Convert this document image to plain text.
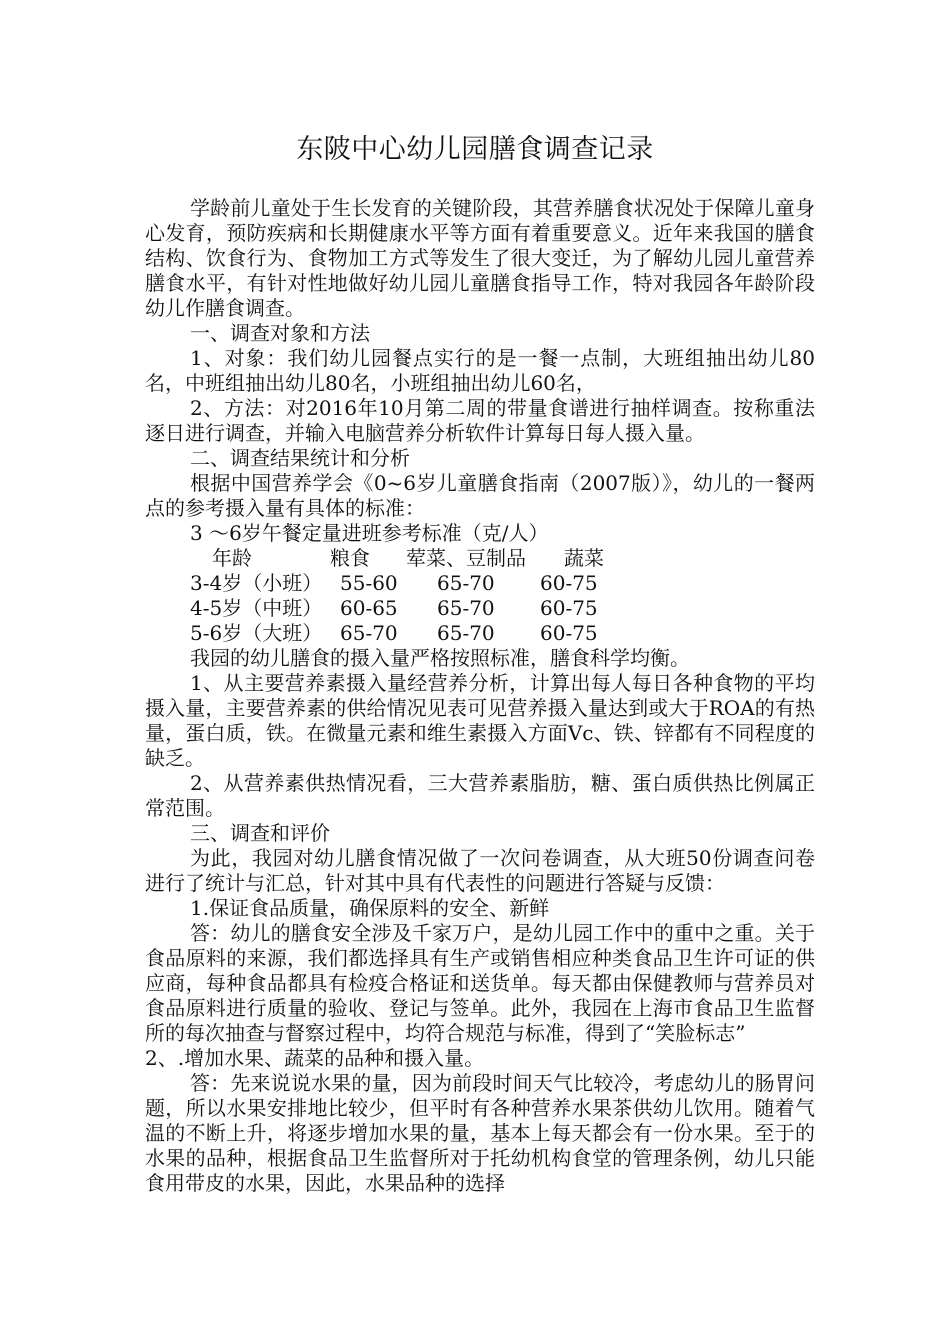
东陂中心幼儿园膳食调查记录

学龄前儿童处于生长发育的关键阶段，其营养膳食状况处于保障儿童身心发育，预防疾病和长期健康水平等方面有着重要意义。近年来我国的膳食结构、饮食行为、食物加工方式等发生了很大变迁，为了解幼儿园儿童营养膳食水平，有针对性地做好幼儿园儿童膳食指导工作，特对我园各年龄阶段幼儿作膳食调查。

一、调查对象和方法

1、对象：我们幼儿园餐点实行的是一餐一点制，大班组抽出幼儿80名，中班组抽出幼儿80名，小班组抽出幼儿60名，

2、方法：对2016年10月第二周的带量食谱进行抽样调查。按称重法逐日进行调查，并输入电脑营养分析软件计算每日每人摄入量。

二、调查结果统计和分析

根据中国营养学会《0~6岁儿童膳食指南（2007版）》，幼儿的一餐两点的参考摄入量有具体的标准：

3 ～6岁午餐定量进班参考标准（克/人）

年龄	粮食	荤菜、豆制品	蔬菜
3-4岁（小班） 55-60	65-70	60-75
4-5岁（中班） 60-65	65-70	60-75
5-6岁（大班） 65-70	65-70	60-75

我园的幼儿膳食的摄入量严格按照标准，膳食科学均衡。

1、从主要营养素摄入量经营养分析，计算出每人每日各种食物的平均摄入量，主要营养素的供给情况见表可见营养摄入量达到或大于ROA的有热量，蛋白质，铁。在微量元素和维生素摄入方面Vc、铁、锌都有不同程度的缺乏。

2、从营养素供热情况看，三大营养素脂肪，糖、蛋白质供热比例属正常范围。

三、调查和评价

为此，我园对幼儿膳食情况做了一次问卷调查，从大班50份调查问卷进行了统计与汇总，针对其中具有代表性的问题进行答疑与反馈：

1.保证食品质量，确保原料的安全、新鲜

答：幼儿的膳食安全涉及千家万户，是幼儿园工作中的重中之重。关于食品原料的来源，我们都选择具有生产或销售相应种类食品卫生许可证的供应商，每种食品都具有检疫合格证和送货单。每天都由保健教师与营养员对食品原料进行质量的验收、登记与签单。此外，我园在上海市食品卫生监督所的每次抽查与督察过程中，均符合规范与标准，得到了“笑脸标志”

2、.增加水果、蔬菜的品种和摄入量。

答：先来说说水果的量，因为前段时间天气比较冷，考虑幼儿的肠胃问题，所以水果安排地比较少，但平时有各种营养水果茶供幼儿饮用。随着气温的不断上升，将逐步增加水果的量，基本上每天都会有一份水果。至于的水果的品种，根据食品卫生监督所对于托幼机构食堂的管理条例，幼儿只能食用带皮的水果，因此，水果品种的选择
